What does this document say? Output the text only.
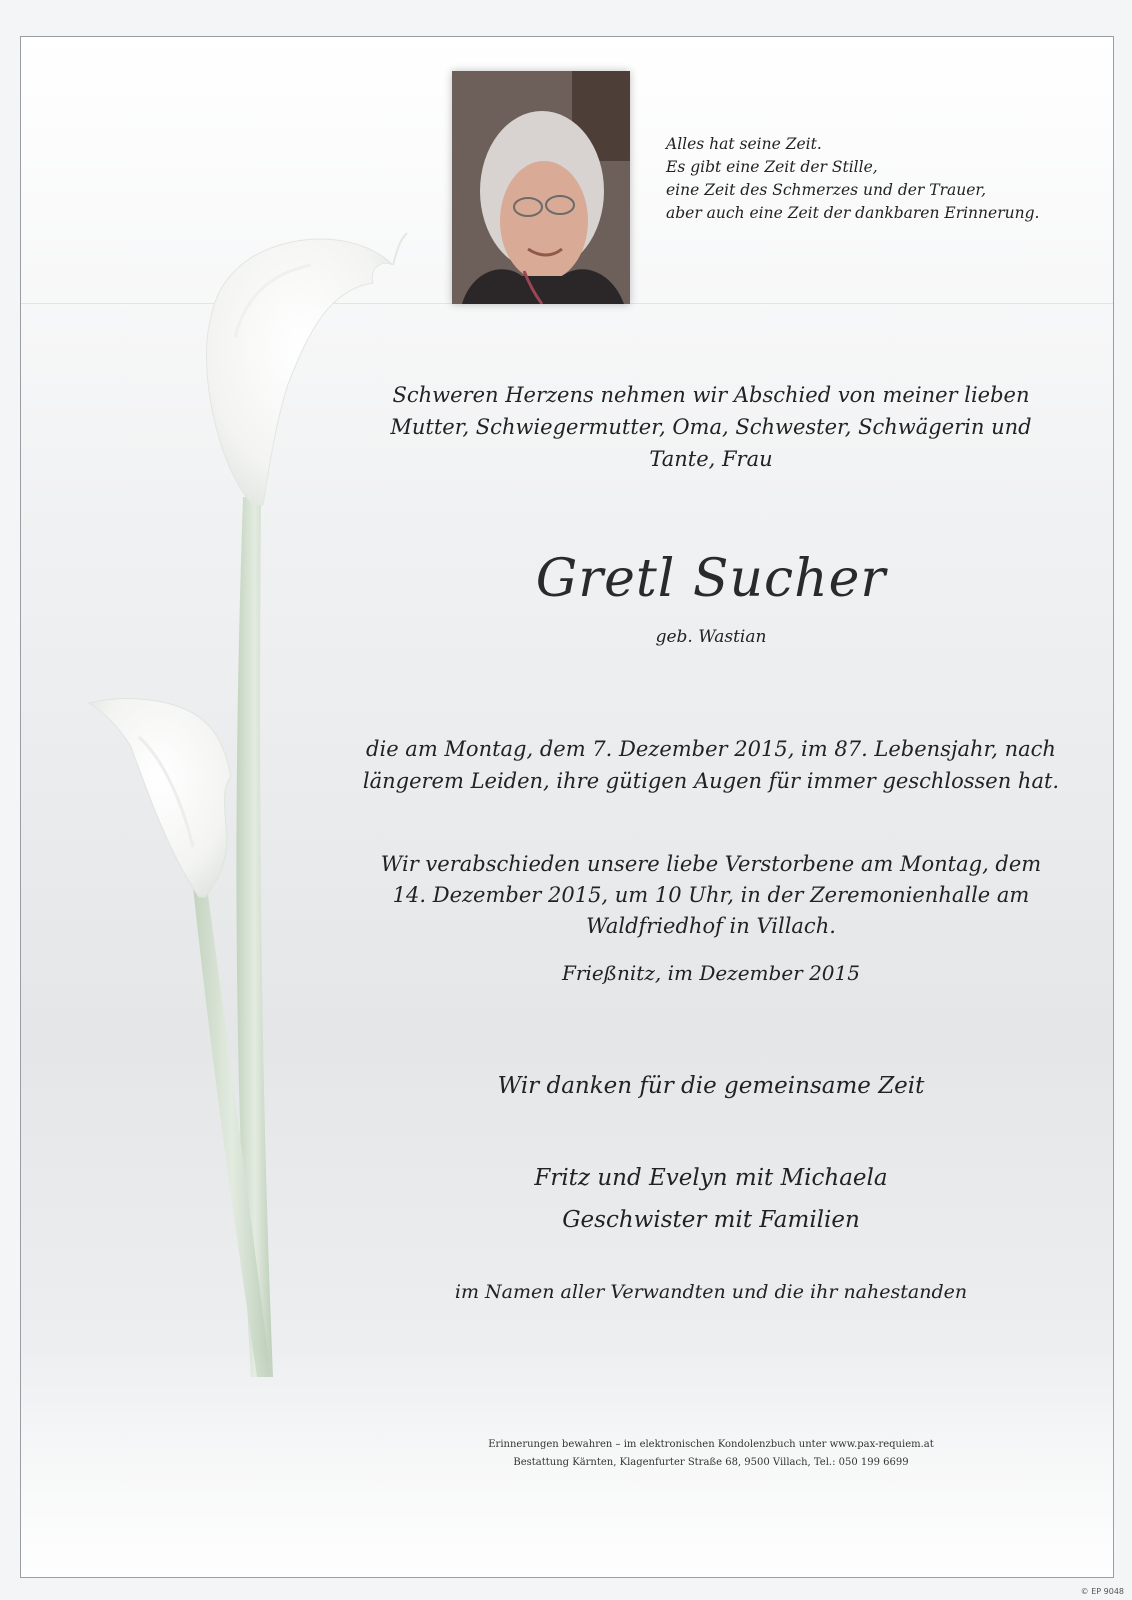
Alles hat seine Zeit.
Es gibt eine Zeit der Stille,
eine Zeit des Schmerzes und der Trauer,
aber auch eine Zeit der dankbaren Erinnerung.
Schweren Herzens nehmen wir Abschied von meiner lieben
Mutter, Schwiegermutter, Oma, Schwester, Schwägerin und
Tante, Frau
Gretl Sucher
geb. Wastian
die am Montag, dem 7. Dezember 2015, im 87. Lebensjahr, nach
längerem Leiden, ihre gütigen Augen für immer geschlossen hat.
Wir verabschieden unsere liebe Verstorbene am Montag, dem
14. Dezember 2015, um 10 Uhr, in der Zeremonienhalle am
Waldfriedhof in Villach.
Frießnitz, im Dezember 2015
Wir danken für die gemeinsame Zeit
Fritz und Evelyn mit Michaela
Geschwister mit Familien
im Namen aller Verwandten und die ihr nahestanden
Erinnerungen bewahren – im elektronischen Kondolenzbuch unter www.pax-requiem.at
Bestattung Kärnten, Klagenfurter Straße 68, 9500 Villach, Tel.: 050 199 6699
© EP 9048
